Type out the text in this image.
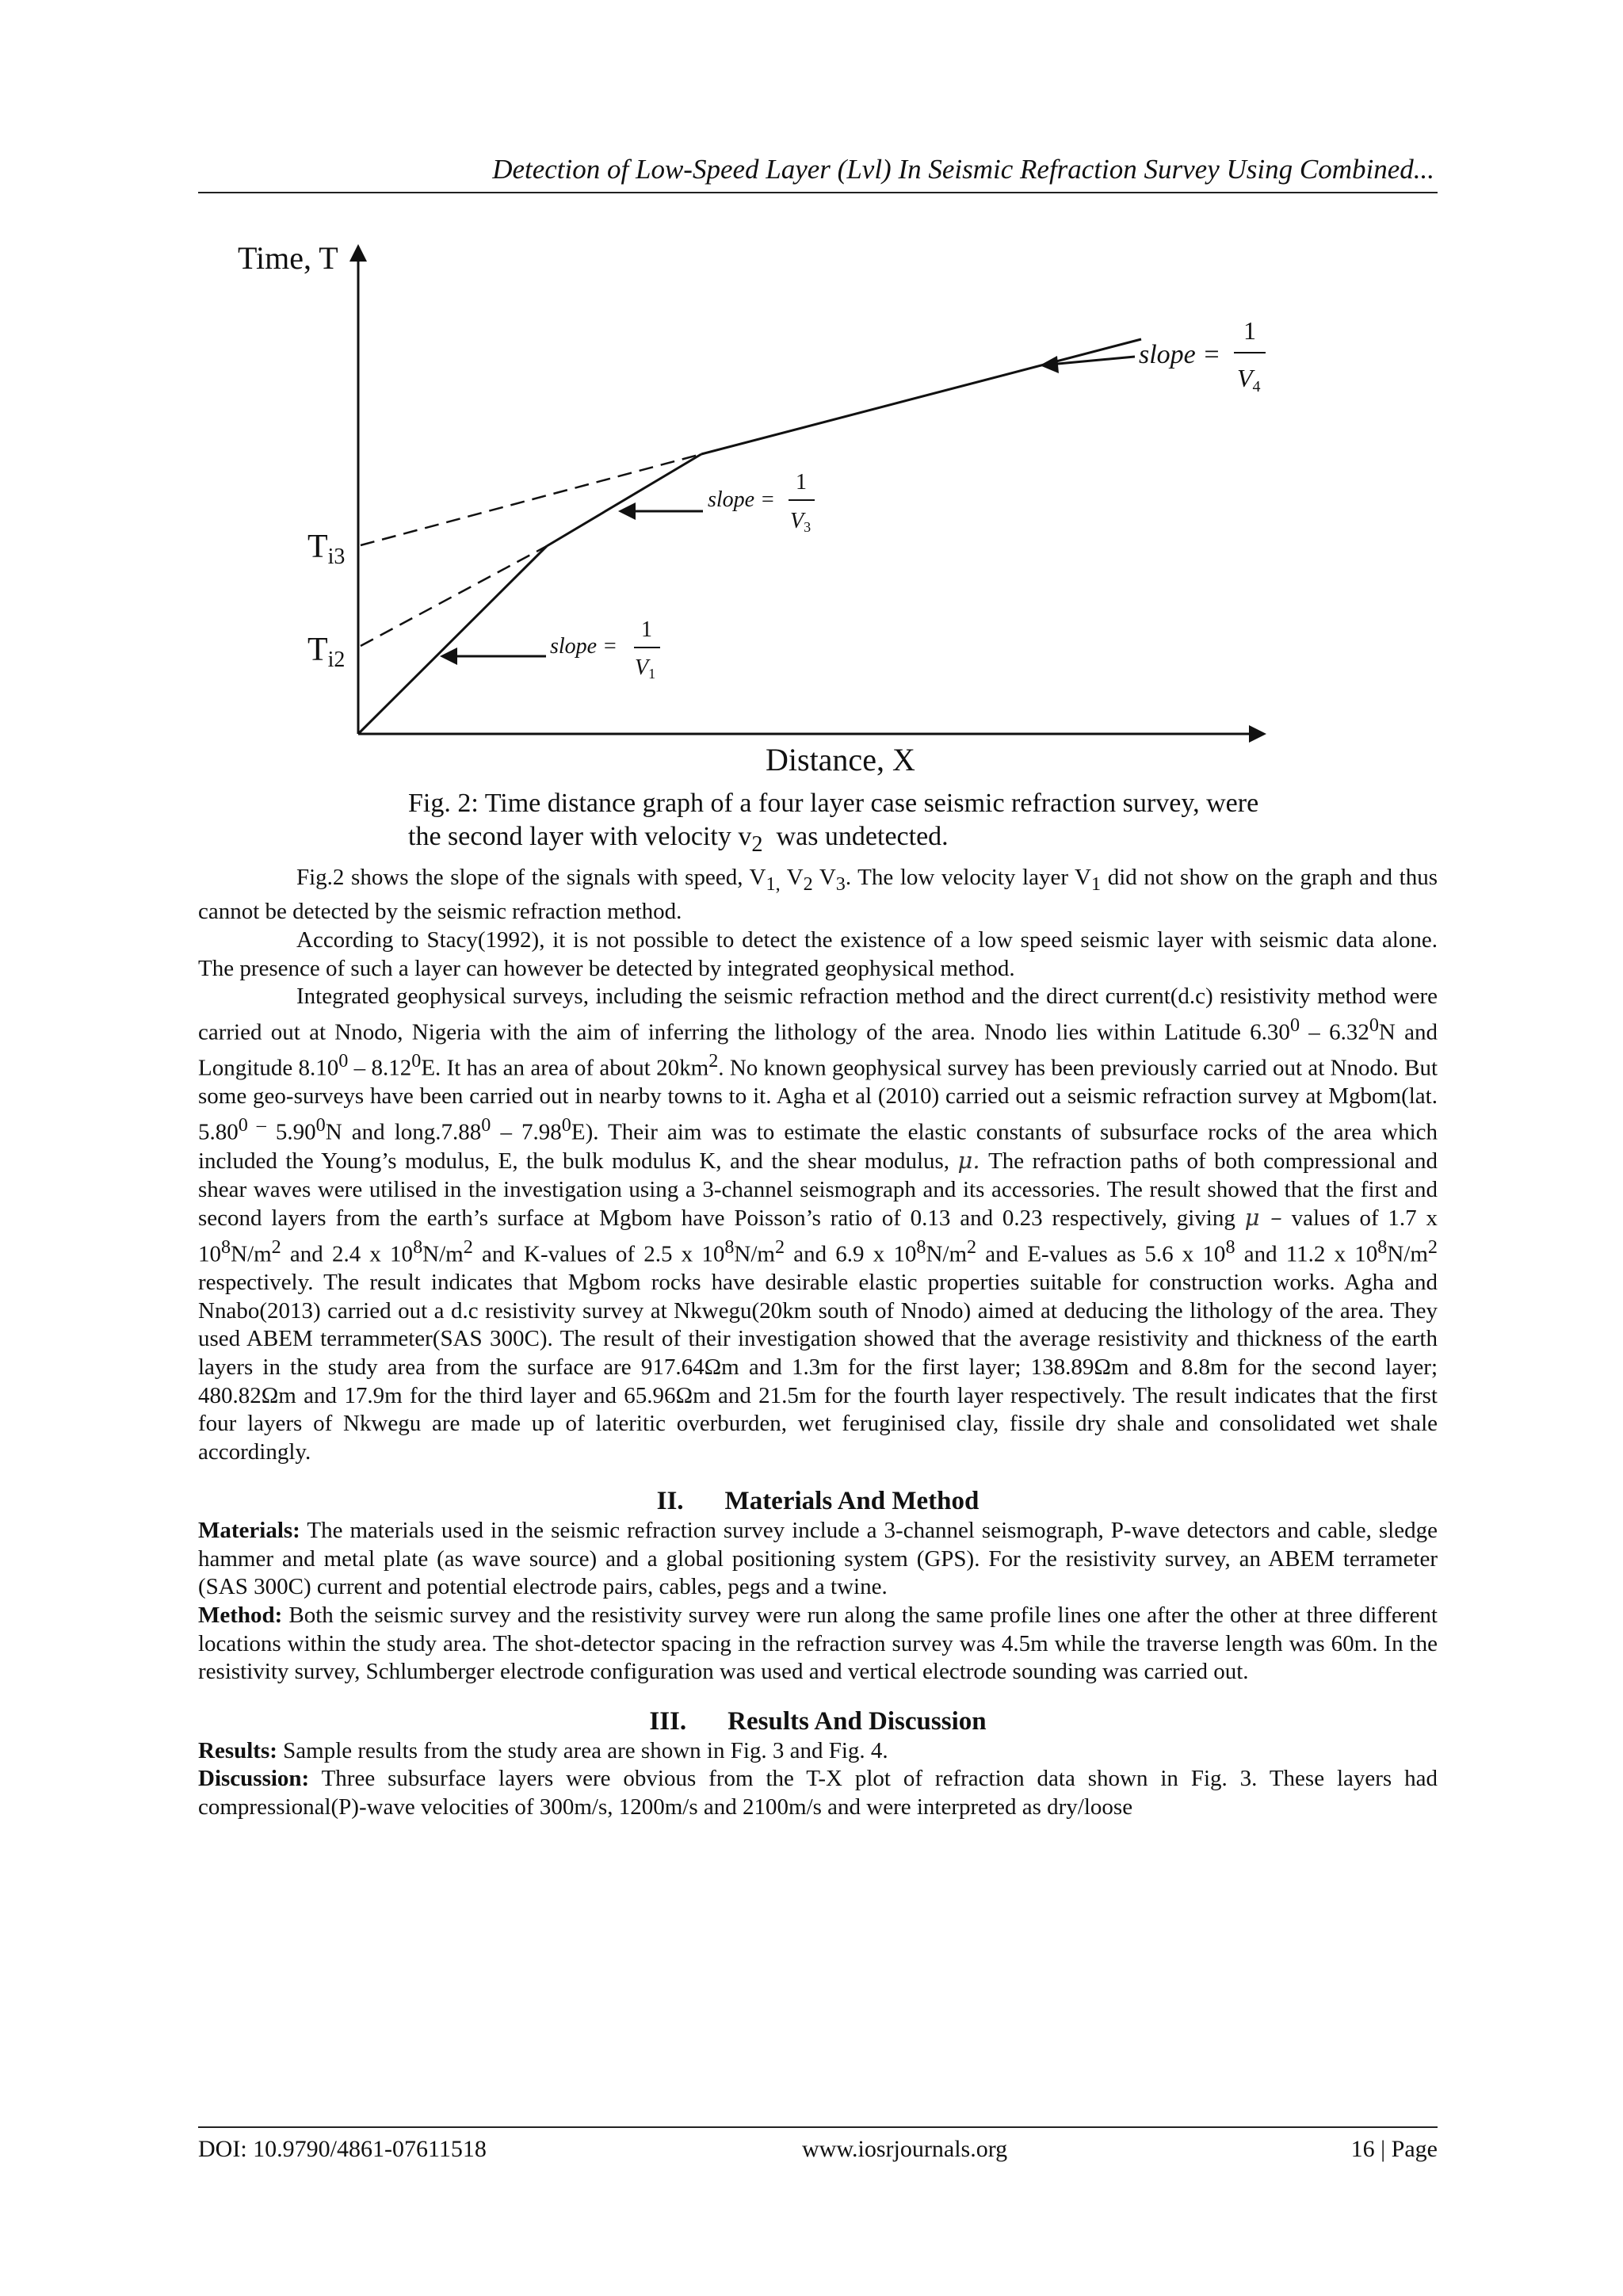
Detection of Low-Speed Layer (Lvl) In Seismic Refraction Survey Using Combined...
Time, T
Distance, X
Ti3
Ti2
slope =
1
V4
slope =
1
V3
slope =
1
V1
Fig. 2: Time distance graph of a four layer case seismic refraction survey, were
the second layer with velocity $v_2$  was undetected.

Fig.2 shows the slope of the signals with speed, $V_{1,}$ $V_2$ $V_3$. The low velocity layer $V_1$ did not show on the graph and thus cannot be detected by the seismic refraction method.

According to Stacy(1992), it is not possible to detect the existence of a low speed seismic layer with seismic data alone. The presence of such a layer can however be detected by integrated geophysical method.

Integrated geophysical surveys, including the seismic refraction method and the direct current(d.c) resistivity method were carried out at Nnodo, Nigeria with the aim of inferring the lithology of the area. Nnodo lies within Latitude 6.30$^0$ – 6.32$^0$N and Longitude 8.10$^0$ – 8.12$^0$E. It has an area of about $20km^2$. No known geophysical survey has been previously carried out at Nnodo. But some geo-surveys have been carried out in nearby towns to it. Agha et al (2010) carried out a seismic refraction survey at Mgbom(lat. $5.80^{0 -}$ 5.90$^0$N and long.7.88$^0$ – 7.98$^0$E). Their aim was to estimate the elastic constants of subsurface rocks of the area which included the Young’s modulus, E, the bulk modulus K, and the shear modulus, μ. The refraction paths of both compressional and shear waves were utilised in the investigation using a 3-channel seismograph and its accessories. The result showed that the first and second layers from the earth’s surface at Mgbom have Poisson’s ratio of 0.13 and 0.23 respectively, giving μ – values of 1.7 x $10^8N/m^2$ and 2.4 x $10^8N/m^2$ and K-values of 2.5 x $10^8N/m^2$ and 6.9 x $10^8N/m^2$ and E-values as 5.6 x $10^8$ and 11.2 x $10^8N/m^2$ respectively. The result indicates that Mgbom rocks have desirable elastic properties suitable for construction works. Agha and Nnabo(2013) carried out a d.c resistivity survey at Nkwegu(20km south of Nnodo) aimed at deducing the lithology of the area. They used ABEM terrammeter(SAS 300C). The result of their investigation showed that the average resistivity and thickness of the earth layers in the study area from the surface are 917.64Ωm and 1.3m for the first layer; 138.89Ωm and 8.8m for the second layer; 480.82Ωm and 17.9m for the third layer and 65.96Ωm and 21.5m for the fourth layer respectively. The result indicates that the first four layers of Nkwegu are made up of lateritic overburden, wet feruginised clay, fissile dry shale and consolidated wet shale accordingly.

II. Materials And Method

Materials: The materials used in the seismic refraction survey include a 3-channel seismograph, P-wave detectors and cable, sledge hammer and metal plate (as wave source) and a global positioning system (GPS). For the resistivity survey, an ABEM terrameter (SAS 300C) current and potential electrode pairs, cables, pegs and a twine.

Method: Both the seismic survey and the resistivity survey were run along the same profile lines one after the other at three different locations within the study area. The shot-detector spacing in the refraction survey was 4.5m while the traverse length was 60m. In the resistivity survey, Schlumberger electrode configuration was used and vertical electrode sounding was carried out.

III. Results And Discussion

Results: Sample results from the study area are shown in Fig. 3 and Fig. 4.

Discussion: Three subsurface layers were obvious from the T-X plot of refraction data shown in Fig. 3. These layers had compressional(P)-wave velocities of 300m/s, 1200m/s and 2100m/s and were interpreted as dry/loose

DOI: 10.9790/4861-07611518	www.iosrjournals.org	16 | Page
